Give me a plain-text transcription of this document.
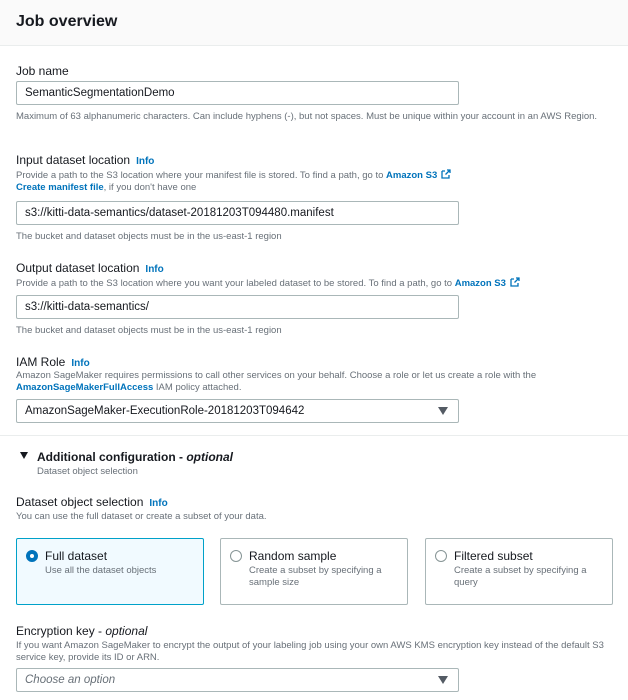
Job overview
Job name
SemanticSegmentationDemo
Maximum of 63 alphanumeric characters. Can include hyphens (-), but not spaces. Must be unique within your account in an AWS Region.
Input dataset location Info
Provide a path to the S3 location where your manifest file is stored. To find a path, go to Amazon S3
Create manifest file, if you don't have one
s3://kitti-data-semantics/dataset-20181203T094480.manifest
The bucket and dataset objects must be in the us-east-1 region
Output dataset location Info
Provide a path to the S3 location where you want your labeled dataset to be stored. To find a path, go to Amazon S3
s3://kitti-data-semantics/
The bucket and dataset objects must be in the us-east-1 region
IAM Role Info
Amazon SageMaker requires permissions to call other services on your behalf. Choose a role or let us create a role with the
AmazonSageMakerFullAccess IAM policy attached.
AmazonSageMaker-ExecutionRole-20181203T094642
Additional configuration - optional
Dataset object selection
Dataset object selection Info
You can use the full dataset or create a subset of your data.
Full dataset
Use all the dataset objects
Random sample
Create a subset by specifying a sample size
Filtered subset
Create a subset by specifying a query
Encryption key - optional
If you want Amazon SageMaker to encrypt the output of your labeling job using your own AWS KMS encryption key instead of the default S3 service key, provide its ID or ARN.
Choose an option
